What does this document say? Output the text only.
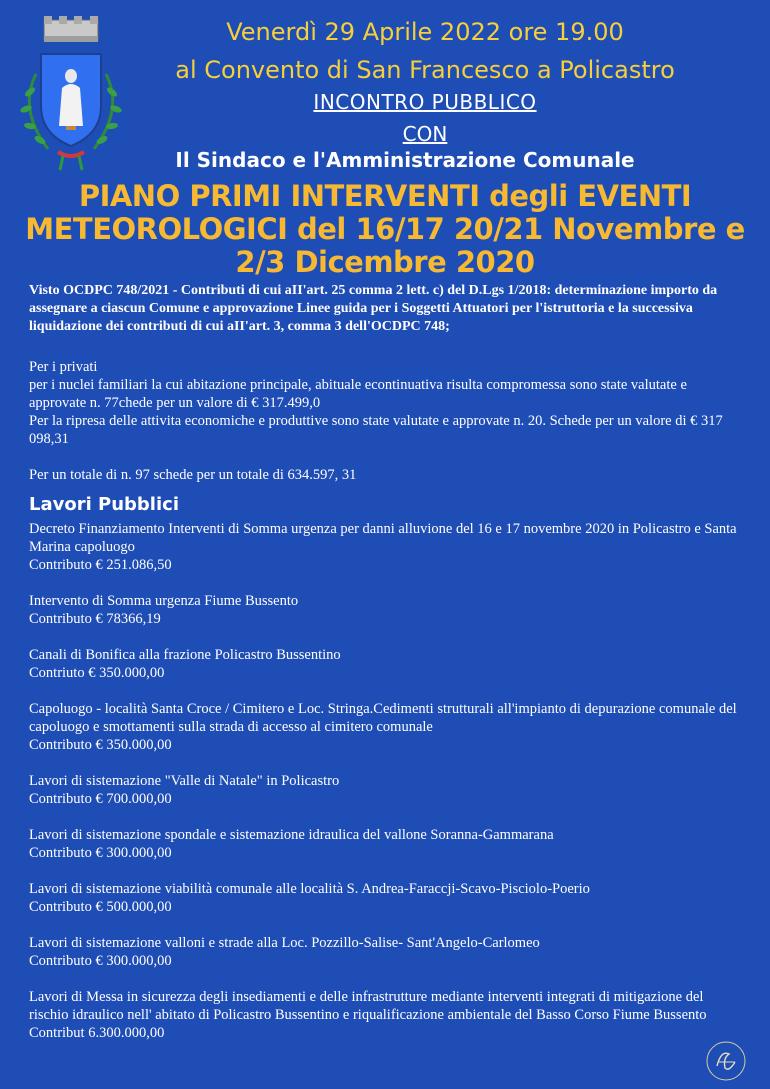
Venerdì 29 Aprile 2022 ore 19.00
al Convento di San Francesco a Policastro
INCONTRO PUBBLICO
CON
Il Sindaco e l'Amministrazione Comunale
PIANO PRIMI INTERVENTI degli EVENTI
METEOROLOGICI del 16/17 20/21 Novembre e
2/3 Dicembre 2020
Visto OCDPC 748/2021 - Contributi di cui aII'art. 25 comma 2 lett. c) del D.Lgs 1/2018: determinazione importo da assegnare a ciascun Comune e approvazione Linee guida per i Soggetti Attuatori per l'istruttoria e la successiva liquidazione dei contributi di cui aII'art. 3, comma 3 dell'OCDPC 748;

Per i privati

per i nuclei familiari la cui abitazione principale, abituale econtinuativa risulta compromessa sono state valutate e approvate n. 77chede per un valore di € 317.499,0

Per la ripresa delle attivita economiche e produttive sono state valutate e approvate n. 20. Schede per un valore di € 317 098,31

Per un totale di n. 97 schede per un totale di 634.597, 31

Lavori Pubblici

Decreto Finanziamento Interventi di Somma urgenza per danni alluvione del 16 e 17 novembre 2020 in Policastro e Santa Marina capoluogo

Contributo € 251.086,50

Intervento di Somma urgenza Fiume Bussento

Contributo € 78366,19

Canali di Bonifica alla frazione Policastro Bussentino

Contriuto € 350.000,00

Capoluogo - località Santa Croce / Cimitero e Loc. Stringa.Cedimenti strutturali all'impianto di depurazione comunale del capoluogo e smottamenti sulla strada di accesso al cimitero comunale

Contributo € 350.000,00

Lavori di sistemazione "Valle di Natale" in Policastro

Contributo € 700.000,00

Lavori di sistemazione spondale e sistemazione idraulica del vallone Soranna-Gammarana

Contributo € 300.000,00

Lavori di sistemazione viabilità comunale alle località S. Andrea-Faraccji-Scavo-Pisciolo-Poerio

Contributo € 500.000,00

Lavori di sistemazione valloni e strade alla Loc. Pozzillo-Salise- Sant'Angelo-Carlomeo

Contributo € 300.000,00

Lavori di Messa in sicurezza degli insediamenti e delle infrastrutture mediante interventi integrati di mitigazione del rischio idraulico nell' abitato di Policastro Bussentino e riqualificazione ambientale del Basso Corso Fiume Bussento

Contribut 6.300.000,00
